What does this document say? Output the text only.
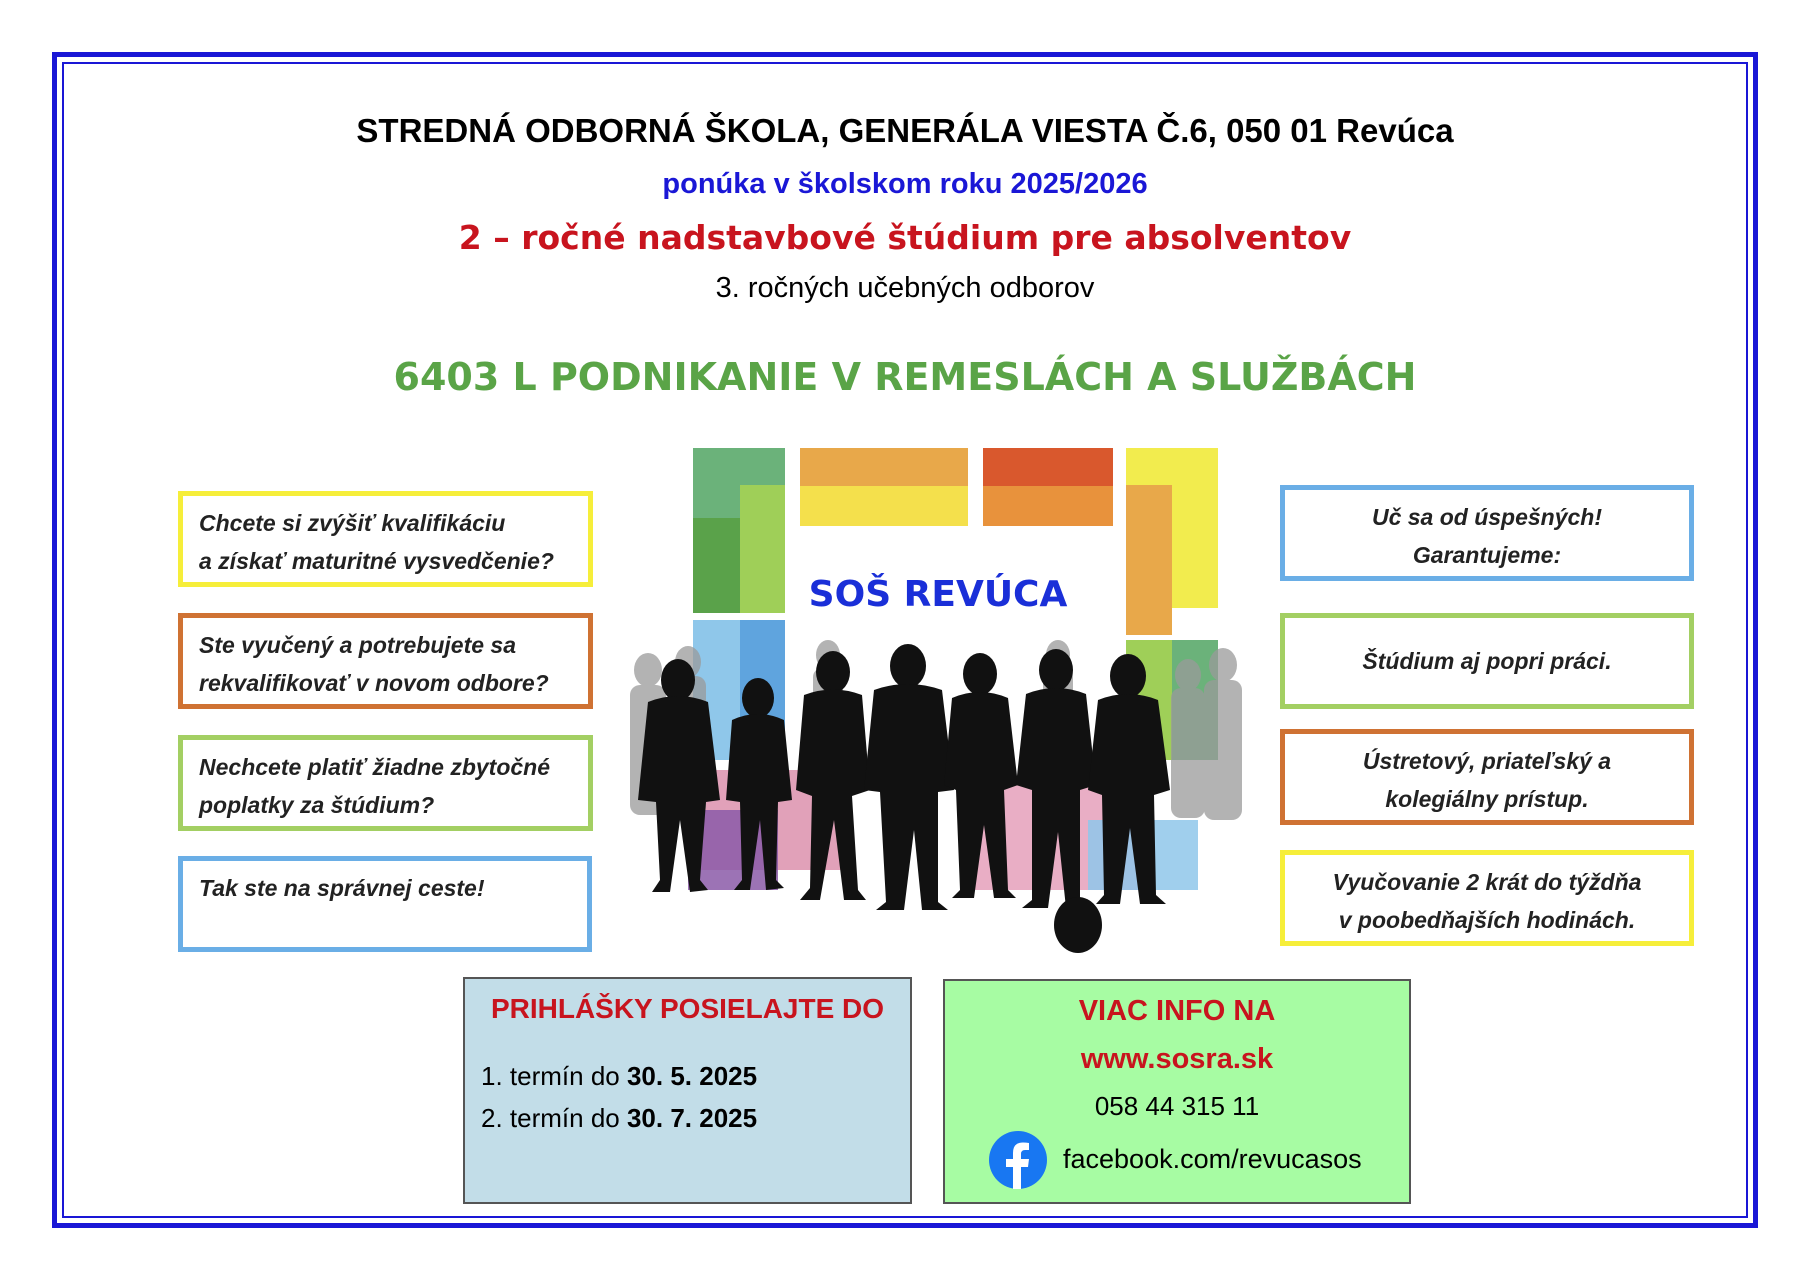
STREDNÁ ODBORNÁ ŠKOLA, GENERÁLA VIESTA Č.6, 050 01 Revúca
ponúka v školskom roku 2025/2026
2 – ročné nadstavbové štúdium pre absolventov
3. ročných učebných odborov
6403 L PODNIKANIE V REMESLÁCH A SLUŽBÁCH
Chcete si zvýšiť kvalifikáciu
a získať maturitné vysvedčenie?
Ste vyučený a potrebujete sa
rekvalifikovať v novom odbore?
Nechcete platiť žiadne zbytočné
poplatky za štúdium?
Tak ste na správnej ceste!
Uč sa od úspešných!
Garantujeme:
Štúdium aj popri práci.
Ústretový, priateľský a
kolegiálny prístup.
Vyučovanie 2 krát do týždňa
v poobedňajších hodinách.
SOŠ REVÚCA
PRIHLÁŠKY POSIELAJTE DO
1. termín do 30. 5. 2025
2. termín do 30. 7. 2025
VIAC INFO NA
www.sosra.sk
058 44 315 11
facebook.com/revucasos
